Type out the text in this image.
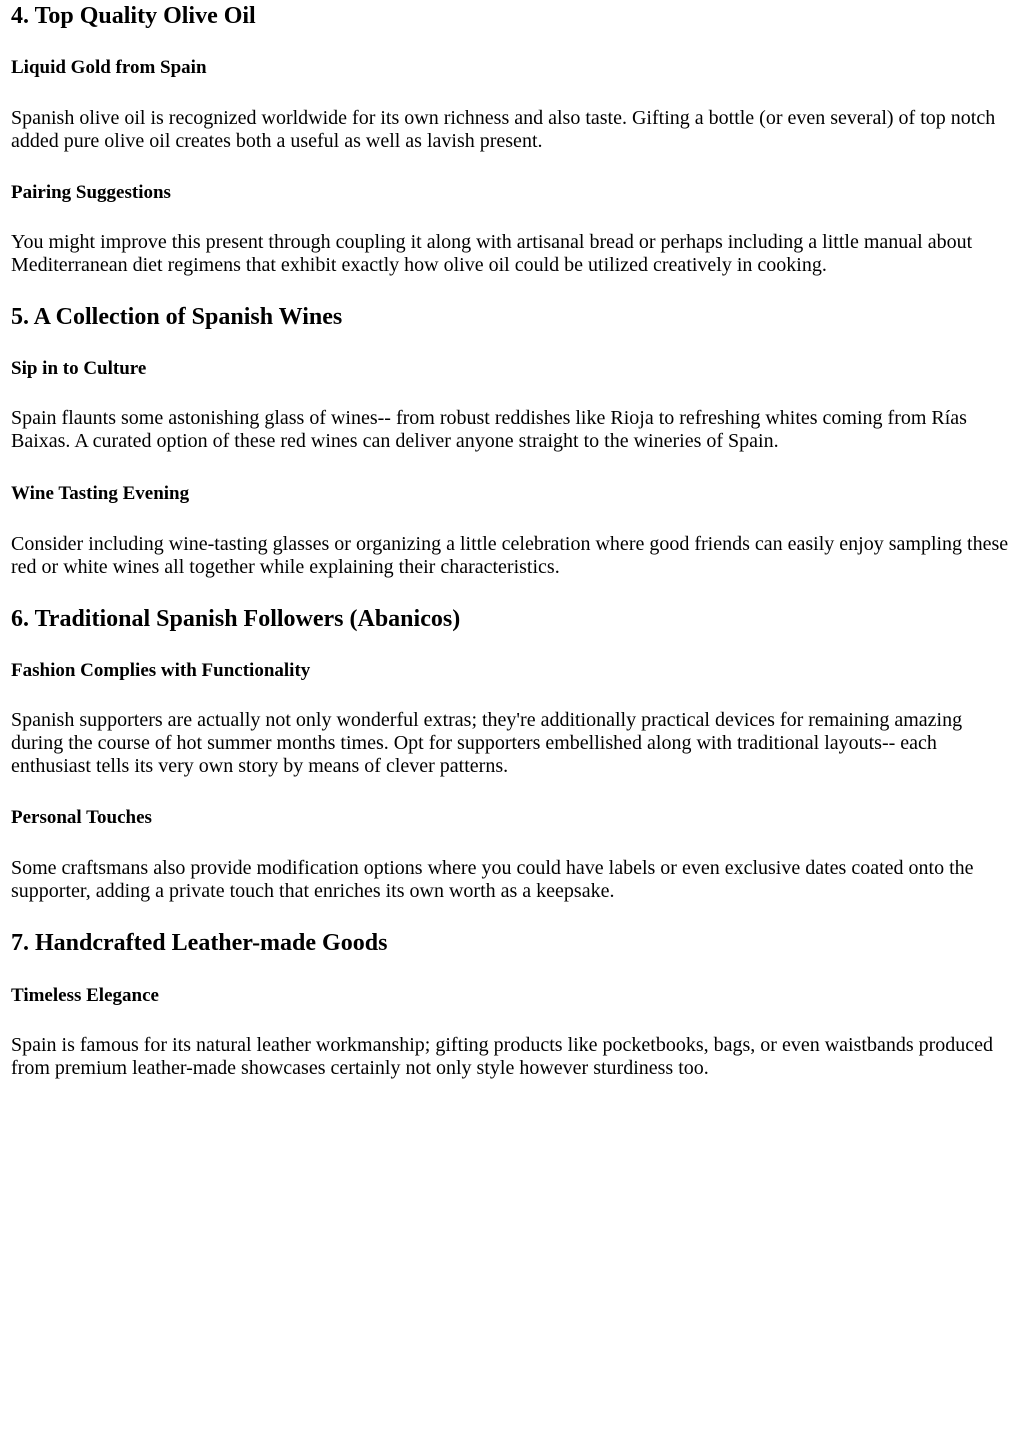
4. Top Quality Olive Oil
Liquid Gold from Spain

Spanish olive oil is recognized worldwide for its own richness and also taste. Gifting a bottle (or even several) of top notch added pure olive oil creates both a useful as well as lavish present.

Pairing Suggestions

You might improve this present through coupling it along with artisanal bread or perhaps including a little manual about Mediterranean diet regimens that exhibit exactly how olive oil could be utilized creatively in cooking.

5. A Collection of Spanish Wines
Sip in to Culture

Spain flaunts some astonishing glass of wines-- from robust reddishes like Rioja to refreshing whites coming from Rías Baixas. A curated option of these red wines can deliver anyone straight to the wineries of Spain.

Wine Tasting Evening

Consider including wine-tasting glasses or organizing a little celebration where good friends can easily enjoy sampling these red or white wines all together while explaining their characteristics.

6. Traditional Spanish Followers (Abanicos)
Fashion Complies with Functionality

Spanish supporters are actually not only wonderful extras; they're additionally practical devices for remaining amazing during the course of hot summer months times. Opt for supporters embellished along with traditional layouts-- each enthusiast tells its very own story by means of clever patterns.

Personal Touches

Some craftsmans also provide modification options where you could have labels or even exclusive dates coated onto the supporter, adding a private touch that enriches its own worth as a keepsake.

7. Handcrafted Leather-made Goods
Timeless Elegance

Spain is famous for its natural leather workmanship; gifting products like pocketbooks, bags, or even waistbands produced from premium leather-made showcases certainly not only style however sturdiness too.
